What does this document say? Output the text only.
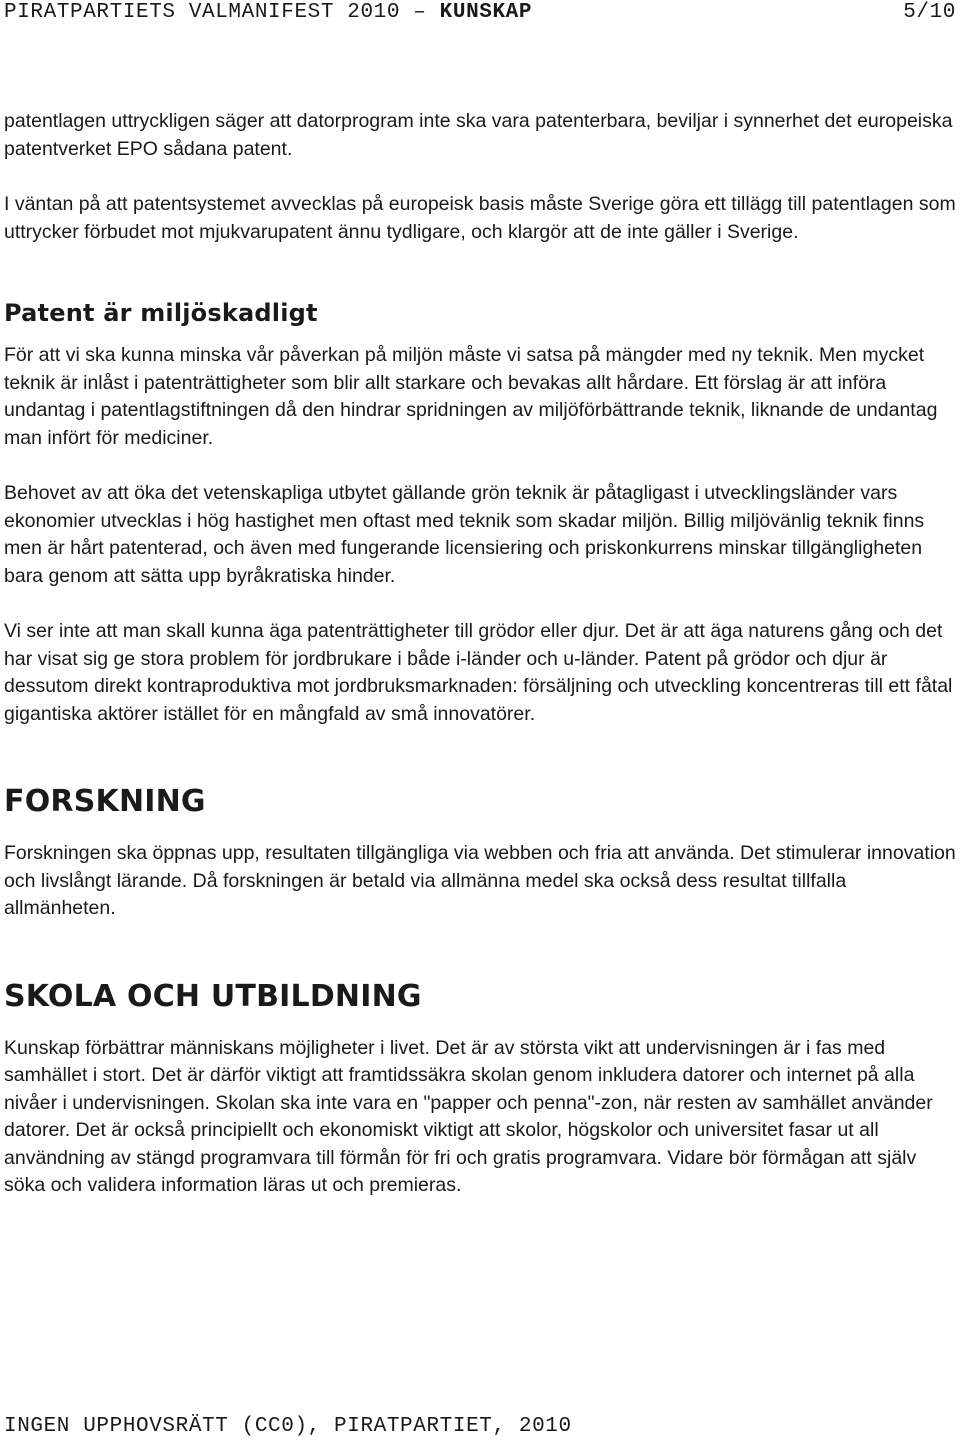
PIRATPARTIETS VALMANIFEST 2010 – KUNSKAP	5/10

patentlagen uttryckligen säger att datorprogram inte ska vara patenterbara, beviljar i synnerhet det europeiska patentverket EPO sådana patent.

I väntan på att patentsystemet avvecklas på europeisk basis måste Sverige göra ett tillägg till patentlagen som uttrycker förbudet mot mjukvarupatent ännu tydligare, och klargör att de inte gäller i Sverige.

Patent är miljöskadligt

För att vi ska kunna minska vår påverkan på miljön måste vi satsa på mängder med ny teknik. Men mycket teknik är inlåst i patenträttigheter som blir allt starkare och bevakas allt hårdare. Ett förslag är att införa undantag i patentlagstiftningen då den hindrar spridningen av miljöförbättrande teknik, liknande de undantag man infört för mediciner.

Behovet av att öka det vetenskapliga utbytet gällande grön teknik är påtagligast i utvecklingsländer vars ekonomier utvecklas i hög hastighet men oftast med teknik som skadar miljön. Billig miljövänlig teknik finns men är hårt patenterad, och även med fungerande licensiering och priskonkurrens minskar tillgängligheten bara genom att sätta upp byråkratiska hinder.

Vi ser inte att man skall kunna äga patenträttigheter till grödor eller djur. Det är att äga naturens gång och det har visat sig ge stora problem för jordbrukare i både i-länder och u-länder. Patent på grödor och djur är dessutom direkt kontraproduktiva mot jordbruksmarknaden: försäljning och utveckling koncentreras till ett fåtal gigantiska aktörer istället för en mångfald av små innovatörer.

FORSKNING

Forskningen ska öppnas upp, resultaten tillgängliga via webben och fria att använda. Det stimulerar innovation och livslångt lärande. Då forskningen är betald via allmänna medel ska också dess resultat tillfalla allmänheten.

SKOLA OCH UTBILDNING

Kunskap förbättrar människans möjligheter i livet. Det är av största vikt att undervisningen är i fas med samhället i stort. Det är därför viktigt att framtidssäkra skolan genom inkludera datorer och internet på alla nivåer i undervisningen. Skolan ska inte vara en "papper och penna"-zon, när resten av samhället använder datorer. Det är också principiellt och ekonomiskt viktigt att skolor, högskolor och universitet fasar ut all användning av stängd programvara till förmån för fri och gratis programvara. Vidare bör förmågan att själv söka och validera information läras ut och premieras.

INGEN UPPHOVSRÄTT (CC0), PIRATPARTIET, 2010
